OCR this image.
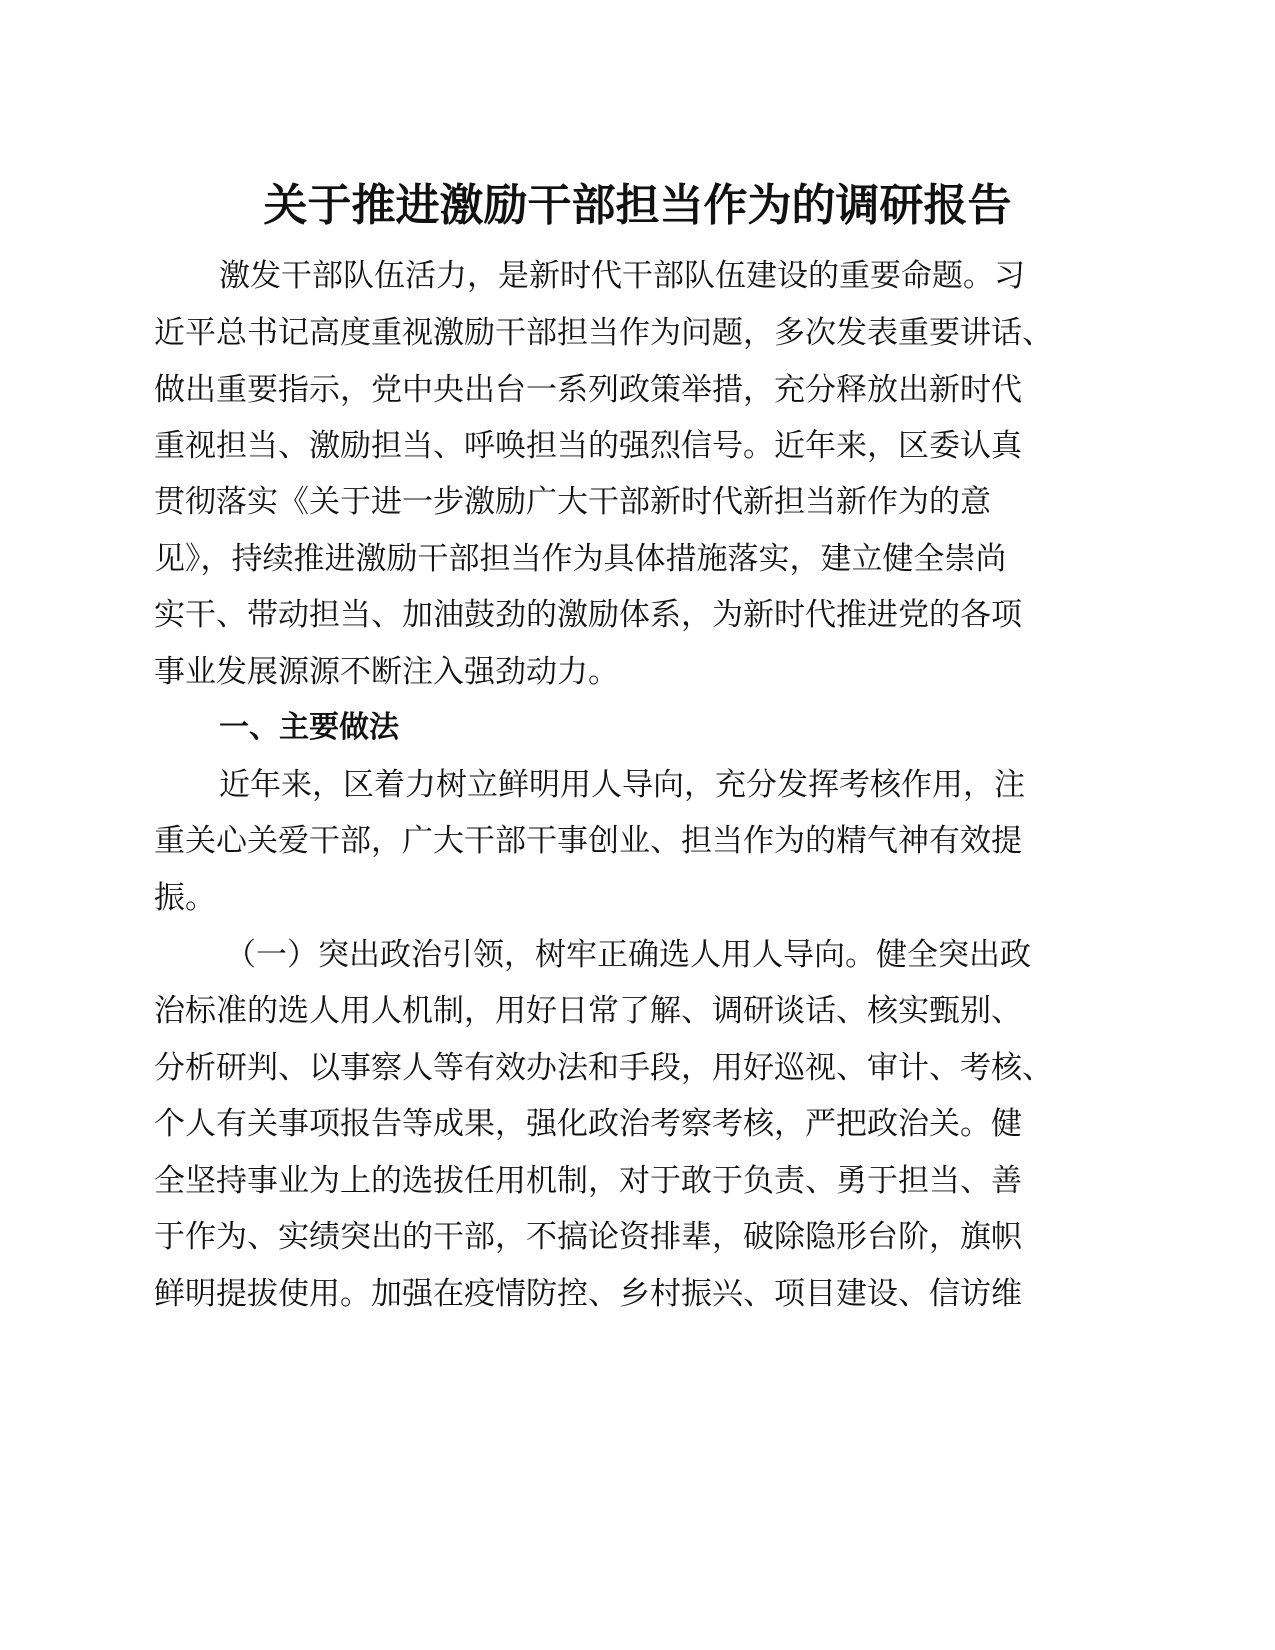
关于推进激励干部担当作为的调研报告

激发干部队伍活力，是新时代干部队伍建设的重要命题。习

近平总书记高度重视激励干部担当作为问题，多次发表重要讲话、

做出重要指示，党中央出台一系列政策举措，充分释放出新时代

重视担当、激励担当、呼唤担当的强烈信号。近年来，区委认真

贯彻落实《关于进一步激励广大干部新时代新担当新作为的意

见》，持续推进激励干部担当作为具体措施落实，建立健全崇尚

实干、带动担当、加油鼓劲的激励体系，为新时代推进党的各项

事业发展源源不断注入强劲动力。

一、主要做法

近年来，区着力树立鲜明用人导向，充分发挥考核作用，注

重关心关爱干部，广大干部干事创业、担当作为的精气神有效提

振。

（一）突出政治引领，树牢正确选人用人导向。健全突出政

治标准的选人用人机制，用好日常了解、调研谈话、核实甄别、

分析研判、以事察人等有效办法和手段，用好巡视、审计、考核、

个人有关事项报告等成果，强化政治考察考核，严把政治关。健

全坚持事业为上的选拔任用机制，对于敢于负责、勇于担当、善

于作为、实绩突出的干部，不搞论资排辈，破除隐形台阶，旗帜

鲜明提拔使用。加强在疫情防控、乡村振兴、项目建设、信访维
